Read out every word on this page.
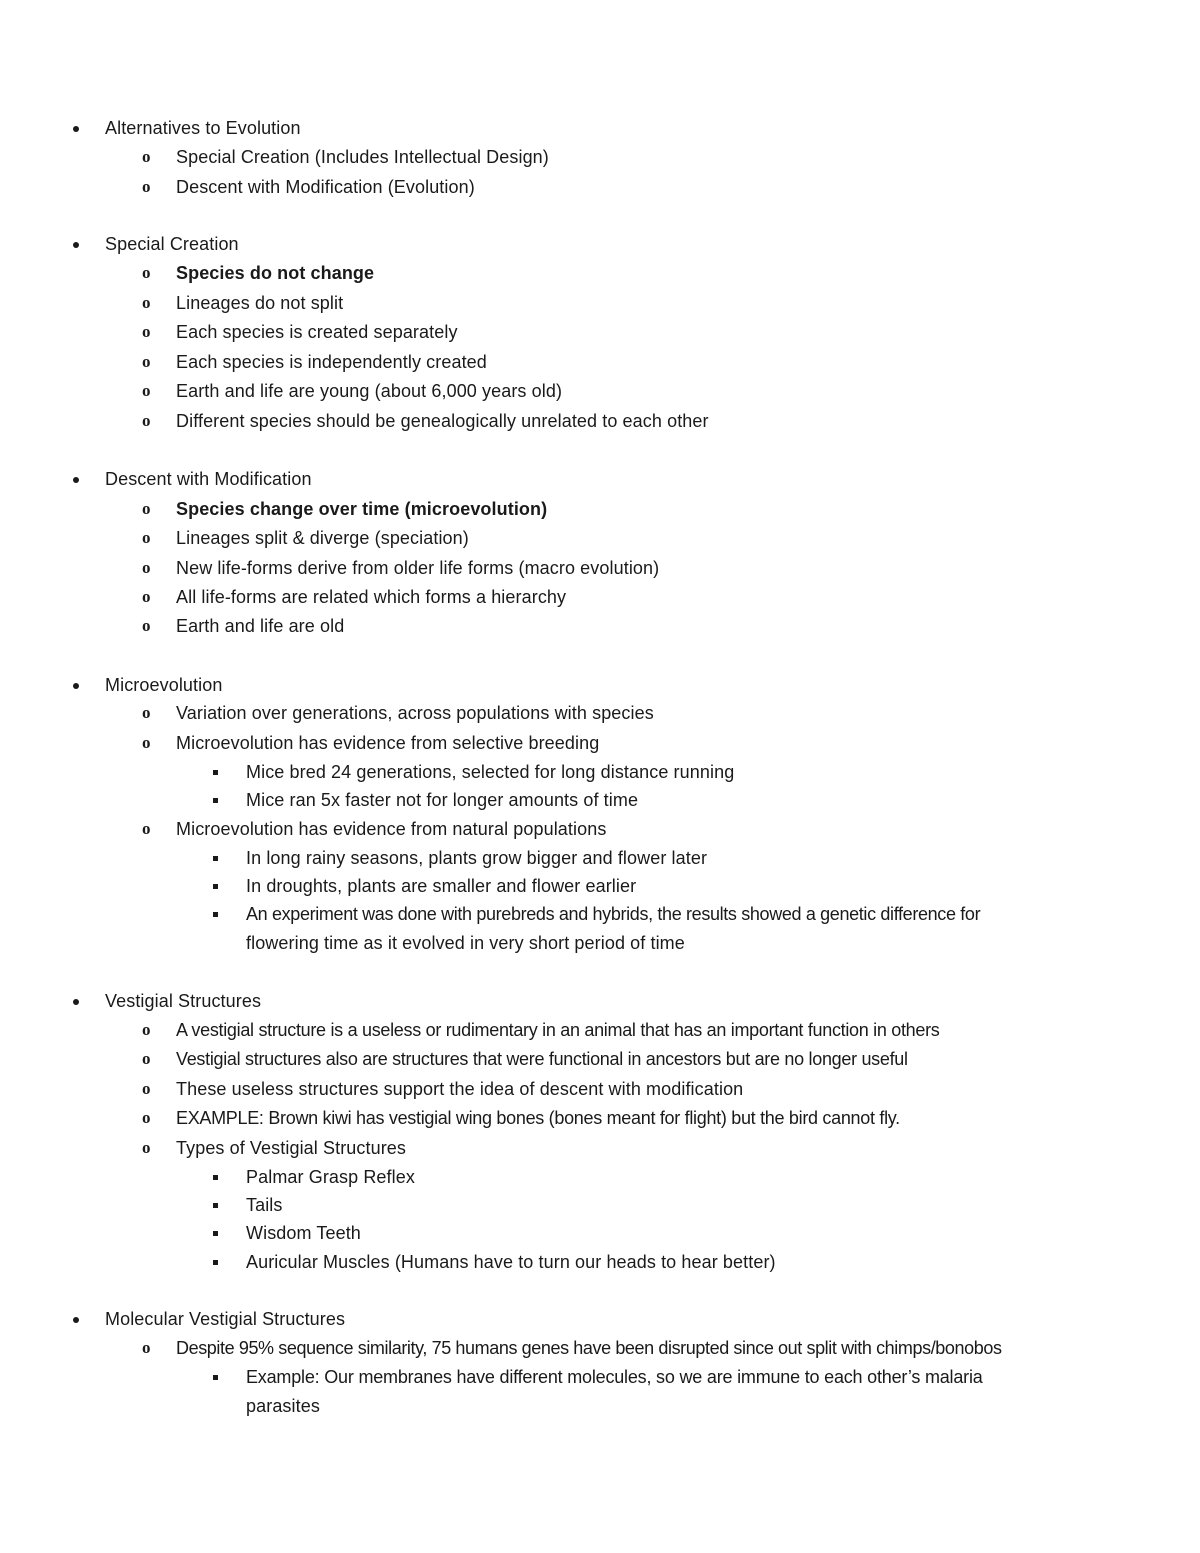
Alternatives to Evolution
o Special Creation (Includes Intellectual Design)
o Descent with Modification (Evolution)
Special Creation
o Species do not change
o Lineages do not split
o Each species is created separately
o Each species is independently created
o Earth and life are young (about 6,000 years old)
o Different species should be genealogically unrelated to each other
Descent with Modification
o Species change over time (microevolution)
o Lineages split & diverge (speciation)
o New life-forms derive from older life forms (macro evolution)
o All life-forms are related which forms a hierarchy
o Earth and life are old
Microevolution
o Variation over generations, across populations with species
o Microevolution has evidence from selective breeding
Mice bred 24 generations, selected for long distance running
Mice ran 5x faster not for longer amounts of time
o Microevolution has evidence from natural populations
In long rainy seasons, plants grow bigger and flower later
In droughts, plants are smaller and flower earlier
An experiment was done with purebreds and hybrids, the results showed a genetic difference for
flowering time as it evolved in very short period of time
Vestigial Structures
o A vestigial structure is a useless or rudimentary in an animal that has an important function in others
o Vestigial structures also are structures that were functional in ancestors but are no longer useful
o These useless structures support the idea of descent with modification
o EXAMPLE: Brown kiwi has vestigial wing bones (bones meant for flight) but the bird cannot fly.
o Types of Vestigial Structures
Palmar Grasp Reflex
Tails
Wisdom Teeth
Auricular Muscles (Humans have to turn our heads to hear better)
Molecular Vestigial Structures
o Despite 95% sequence similarity, 75 humans genes have been disrupted since out split with chimps/bonobos
Example: Our membranes have different molecules, so we are immune to each other’s malaria
parasites
